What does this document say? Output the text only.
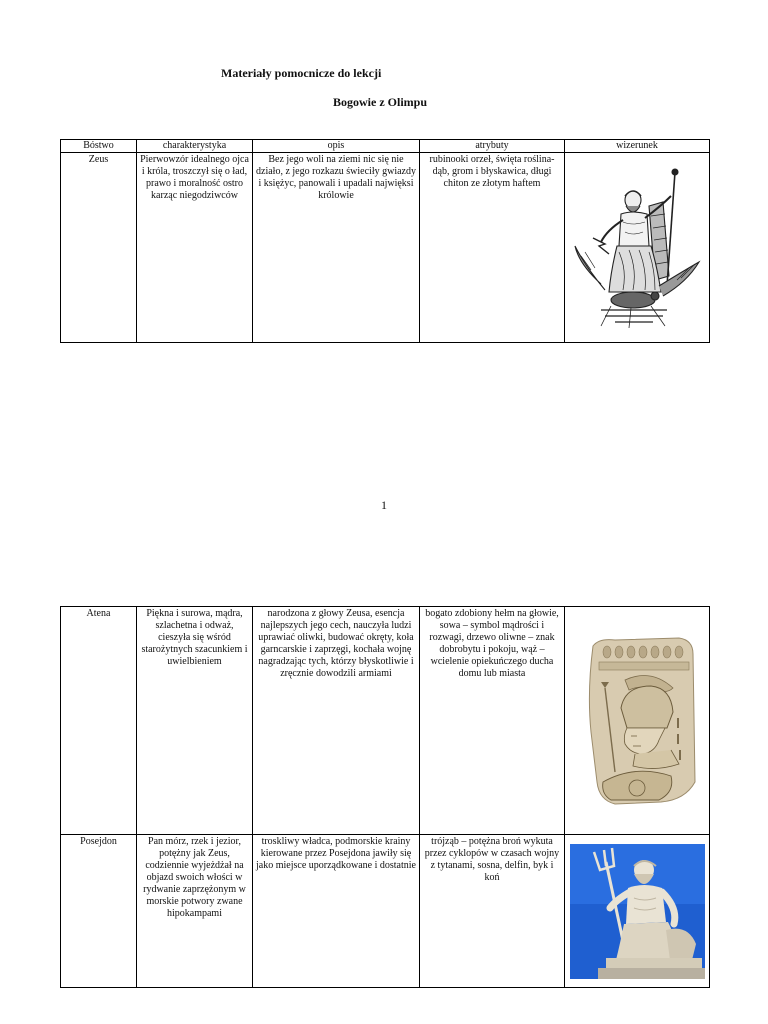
Materiały pomocnicze do lekcji
Bogowie z Olimpu
Bóstwo	charakterystyka	opis	atrybuty	wizerunek
Zeus	Pierwowzór idealnego ojca i króla, troszczył się o ład, prawo i moralność ostro karząc niegodziwców	Bez jego woli na ziemi nic się nie działo, z jego rozkazu świeciły gwiazdy i księżyc, panowali i upadali najwięksi królowie	rubinooki orzeł, święta roślina- dąb, grom i błyskawica, długi chiton ze złotym haftem	
1
Atena	Piękna i surowa, mądra, szlachetna i odważ, cieszyła się wśród starożytnych szacunkiem i uwielbieniem	narodzona z głowy Zeusa, esencja najlepszych jego cech, nauczyła ludzi uprawiać oliwki, budować okręty, koła garncarskie i zaprzęgi, kochała wojnę nagradzając tych, którzy błyskotliwie i zręcznie dowodzili armiami	bogato zdobiony hełm na głowie, sowa – symbol mądrości i rozwagi, drzewo oliwne – znak dobrobytu i pokoju, wąż – wcielenie opiekuńczego ducha domu lub miasta	

Posejdon	Pan mórz, rzek i jezior, potężny jak Zeus, codziennie wyjeżdżał na objazd swoich włości w rydwanie zaprzężonym w morskie potwory zwane hipokampami	troskliwy władca, podmorskie krainy kierowane przez Posejdona jawiły się jako miejsce uporządkowane i dostatnie	trójząb – potężna broń wykuta przez cyklopów w czasach wojny z tytanami, sosna, delfin, byk i koń	
